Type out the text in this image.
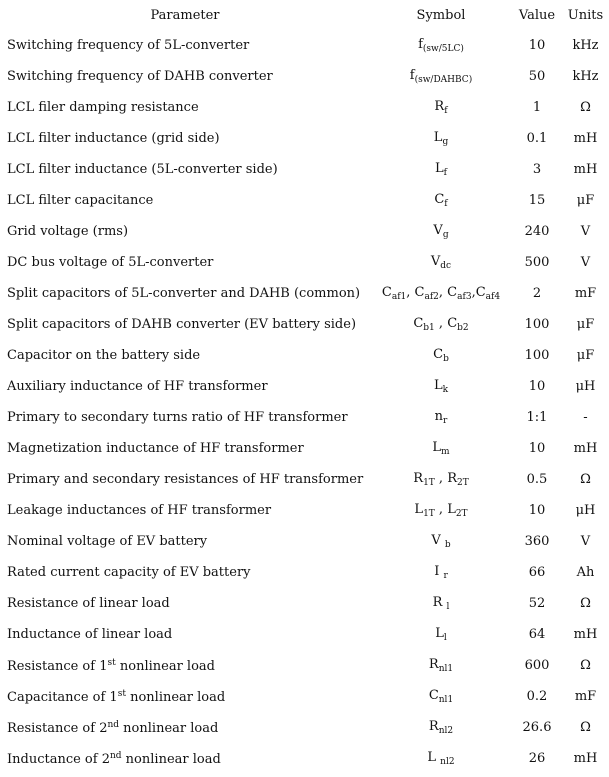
Parameter	Symbol	Value	Units
Switching frequency of 5L-converter	$f_{(sw/5LC)}$	10	kHz
Switching frequency of DAHB converter	$f_{(sw/DAHBC)}$	50	kHz
LCL filer damping resistance	$R_f$	1	Ω
LCL filter inductance (grid side)	$L_g$	0.1	mH
LCL filter inductance (5L-converter side)	$L_f$	3	mH
LCL filter capacitance	$C_f$	15	μF
Grid voltage (rms)	$V_g$	240	V
DC bus voltage of 5L-converter	$V_{dc}$	500	V
Split capacitors of 5L-converter and DAHB (common)	$C_{af1}$, $C_{af2}$, $C_{af3},C_{af4}$	2	mF
Split capacitors of DAHB converter (EV battery side)	$C_{b1}$ , $C_{b2}$	100	μF
Capacitor on the battery side	$C_b$	100	μF
Auxiliary inductance of HF transformer	$L_k$	10	μH
Primary to secondary turns ratio of HF transformer	$n_r$	1:1	-
Magnetization inductance of HF transformer	$L_m$	10	mH
Primary and secondary resistances of HF transformer	$R_{1T}$ , $R_{2T}$	0.5	Ω
Leakage inductances of HF transformer	$L_{1T}$ , $L_{2T}$	10	μH
Nominal voltage of EV battery	V $_b$	360	V
Rated current capacity of EV battery	I $_r$	66	Ah
Resistance of linear load	R $_l$	52	Ω
Inductance of linear load	$L_l$	64	mH
Resistance of 1st nonlinear load	$R_{nl1}$	600	Ω
Capacitance of 1st nonlinear load	$C_{nl1}$	0.2	mF
Resistance of 2nd nonlinear load	$R_{nl2}$	26.6	Ω
Inductance of 2nd nonlinear load	L $_{nl2}$	26	mH
